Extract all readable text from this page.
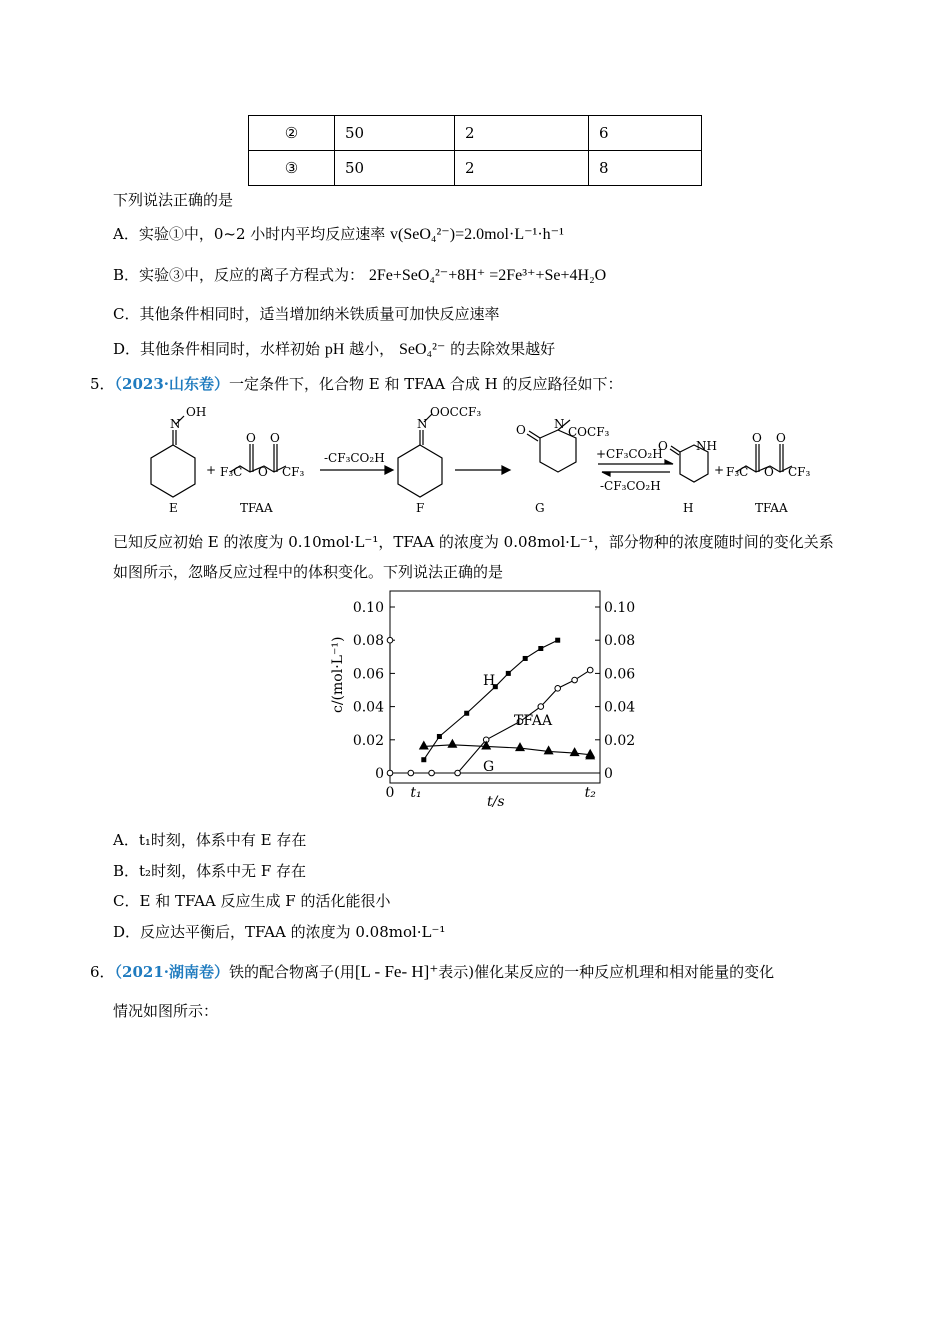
②	50	2	6
③	50	2	8
下列说法正确的是
A．实验①中，0~2 小时内平均反应速率 v(SeO₄²⁻)=2.0mol·L⁻¹·h⁻¹
B．实验③中，反应的离子方程式为： 2Fe+SeO₄²⁻+8H⁺ =2Fe³⁺+Se+4H₂O
C．其他条件相同时，适当增加纳米铁质量可加快反应速率
D．其他条件相同时，水样初始 pH 越小， SeO₄²⁻ 的去除效果越好
5．（2023·山东卷）一定条件下，化合物 E 和 TFAA 合成 H 的反应路径如下：
N
OH
E
+ F₃C
O O
O CF₃
TFAA
-CF₃CO₂H
N
OOCCF₃
F
O N
COCF₃
G
+CF₃CO₂H
-CF₃CO₂H
O NH
H
+ F₃C
O O
O CF₃
TFAA
已知反应初始 E 的浓度为 0.10mol·L⁻¹，TFAA 的浓度为 0.08mol·L⁻¹，部分物种的浓度随时间的变化关系
如图所示，忽略反应过程中的体积变化。下列说法正确的是
0	0
0.02	0.02
0.04	0.04
0.06	0.06
0.08	0.08
0.10	0.10
0 t₁	t₂
H
TFAA
G
t/s
c/(mol·L⁻¹)
A．t₁时刻，体系中有 E 存在
B．t₂时刻，体系中无 F 存在
C．E 和 TFAA 反应生成 F 的活化能很小
D．反应达平衡后，TFAA 的浓度为 0.08mol·L⁻¹
6．（2021·湖南卷）铁的配合物离子(用[L - Fe- H]⁺表示)催化某反应的一种反应机理和相对能量的变化
情况如图所示：
